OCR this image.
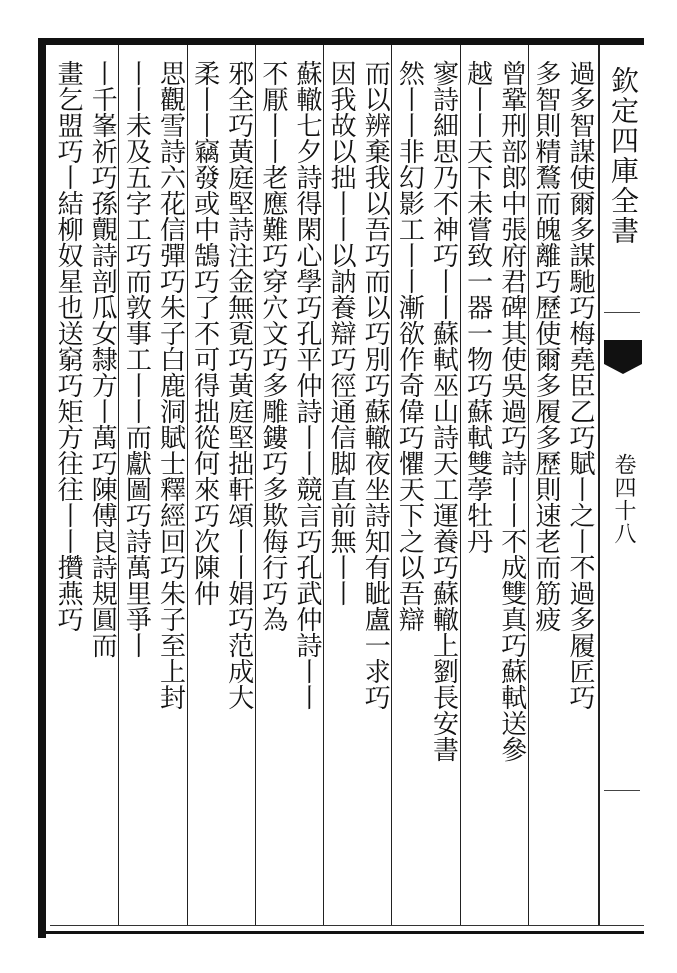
欽定四庫全書
卷四十八
過多智謀使爾多謀馳巧梅堯臣乙巧賦丨之丨不過多履匠巧
多智則精鶩而魄離巧歷使爾多履多歷則速老而筋疲
曾鞏刑部郎中張府君碑其使吳過巧詩丨丨不成雙真巧蘇軾送參
越丨丨天下未嘗致一器一物巧蘇軾雙荸牡丹
寥詩細思乃不神巧丨丨蘇軾巫山詩天工運養巧蘇轍上劉長安書
然丨丨非幻影工丨丨漸欲作奇偉巧懼天下之以吾辯
而以辨棄我以吾巧而以巧別巧蘇轍夜坐詩知有眦盧一求巧
因我故以拙丨丨以訥養辯巧徑通信脚直前無丨丨
蘇轍七夕詩得閑心學巧孔平仲詩丨丨競言巧孔武仲詩丨丨
不厭丨丨老應難巧穿穴文巧多雕鏤巧多欺侮行巧為
邪全巧黃庭堅詩注金無覔巧黃庭堅拙軒頌丨丨娟巧范成大
柔丨丨竊發或中鵠巧了不可得拙從何來巧次陳仲
思觀雪詩六花信彈巧朱子白鹿洞賦士釋經回巧朱子至上封
丨丨未及五字工巧而敦事工丨丨而獻圖巧詩萬里爭丨
丨千峯祈巧孫覿詩剖瓜女隸方丨萬巧陳傅良詩規圓而
畫乞盟巧丨結柳奴星也送窮巧矩方往往丨丨攢燕巧
